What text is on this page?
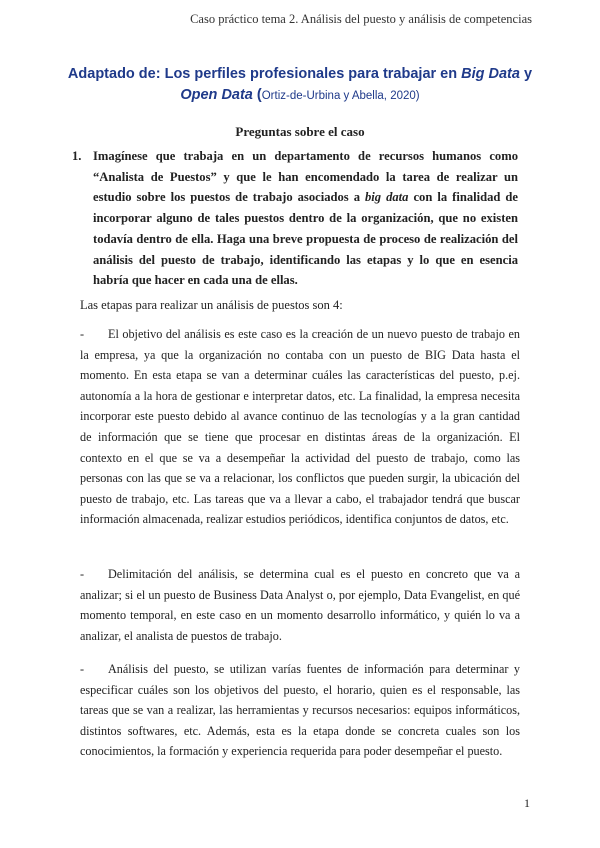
Caso práctico tema 2. Análisis del puesto y análisis de competencias
Adaptado de: Los perfiles profesionales para trabajar en Big Data y
Open Data (Ortiz-de-Urbina y Abella, 2020)
Preguntas sobre el caso
1. Imagínese que trabaja en un departamento de recursos humanos como “Analista de Puestos” y que le han encomendado la tarea de realizar un estudio sobre los puestos de trabajo asociados a big data con la finalidad de incorporar alguno de tales puestos dentro de la organización, que no existen todavía dentro de ella. Haga una breve propuesta de proceso de realización del análisis del puesto de trabajo, identificando las etapas y lo que en esencia habría que hacer en cada una de ellas.
Las etapas para realizar un análisis de puestos son 4:
- El objetivo del análisis es este caso es la creación de un nuevo puesto de trabajo en la empresa, ya que la organización no contaba con un puesto de BIG Data hasta el momento. En esta etapa se van a determinar cuáles las características del puesto, p.ej. autonomía a la hora de gestionar e interpretar datos, etc. La finalidad, la empresa necesita incorporar este puesto debido al avance continuo de las tecnologías y a la gran cantidad de información que se tiene que procesar en distintas áreas de la organización. El contexto en el que se va a desempeñar la actividad del puesto de trabajo, como las personas con las que se va a relacionar, los conflictos que pueden surgir, la ubicación del puesto de trabajo, etc. Las tareas que va a llevar a cabo, el trabajador tendrá que buscar información almacenada, realizar estudios periódicos, identifica conjuntos de datos, etc.
- Delimitación del análisis, se determina cual es el puesto en concreto que va a analizar; si el un puesto de Business Data Analyst o, por ejemplo, Data Evangelist, en qué momento temporal, en este caso en un momento desarrollo informático, y quién lo va a analizar, el analista de puestos de trabajo.
- Análisis del puesto, se utilizan varías fuentes de información para determinar y especificar cuáles son los objetivos del puesto, el horario, quien es el responsable, las tareas que se van a realizar, las herramientas y recursos necesarios: equipos informáticos, distintos softwares, etc. Además, esta es la etapa donde se concreta cuales son los conocimientos, la formación y experiencia requerida para poder desempeñar el puesto.
1
